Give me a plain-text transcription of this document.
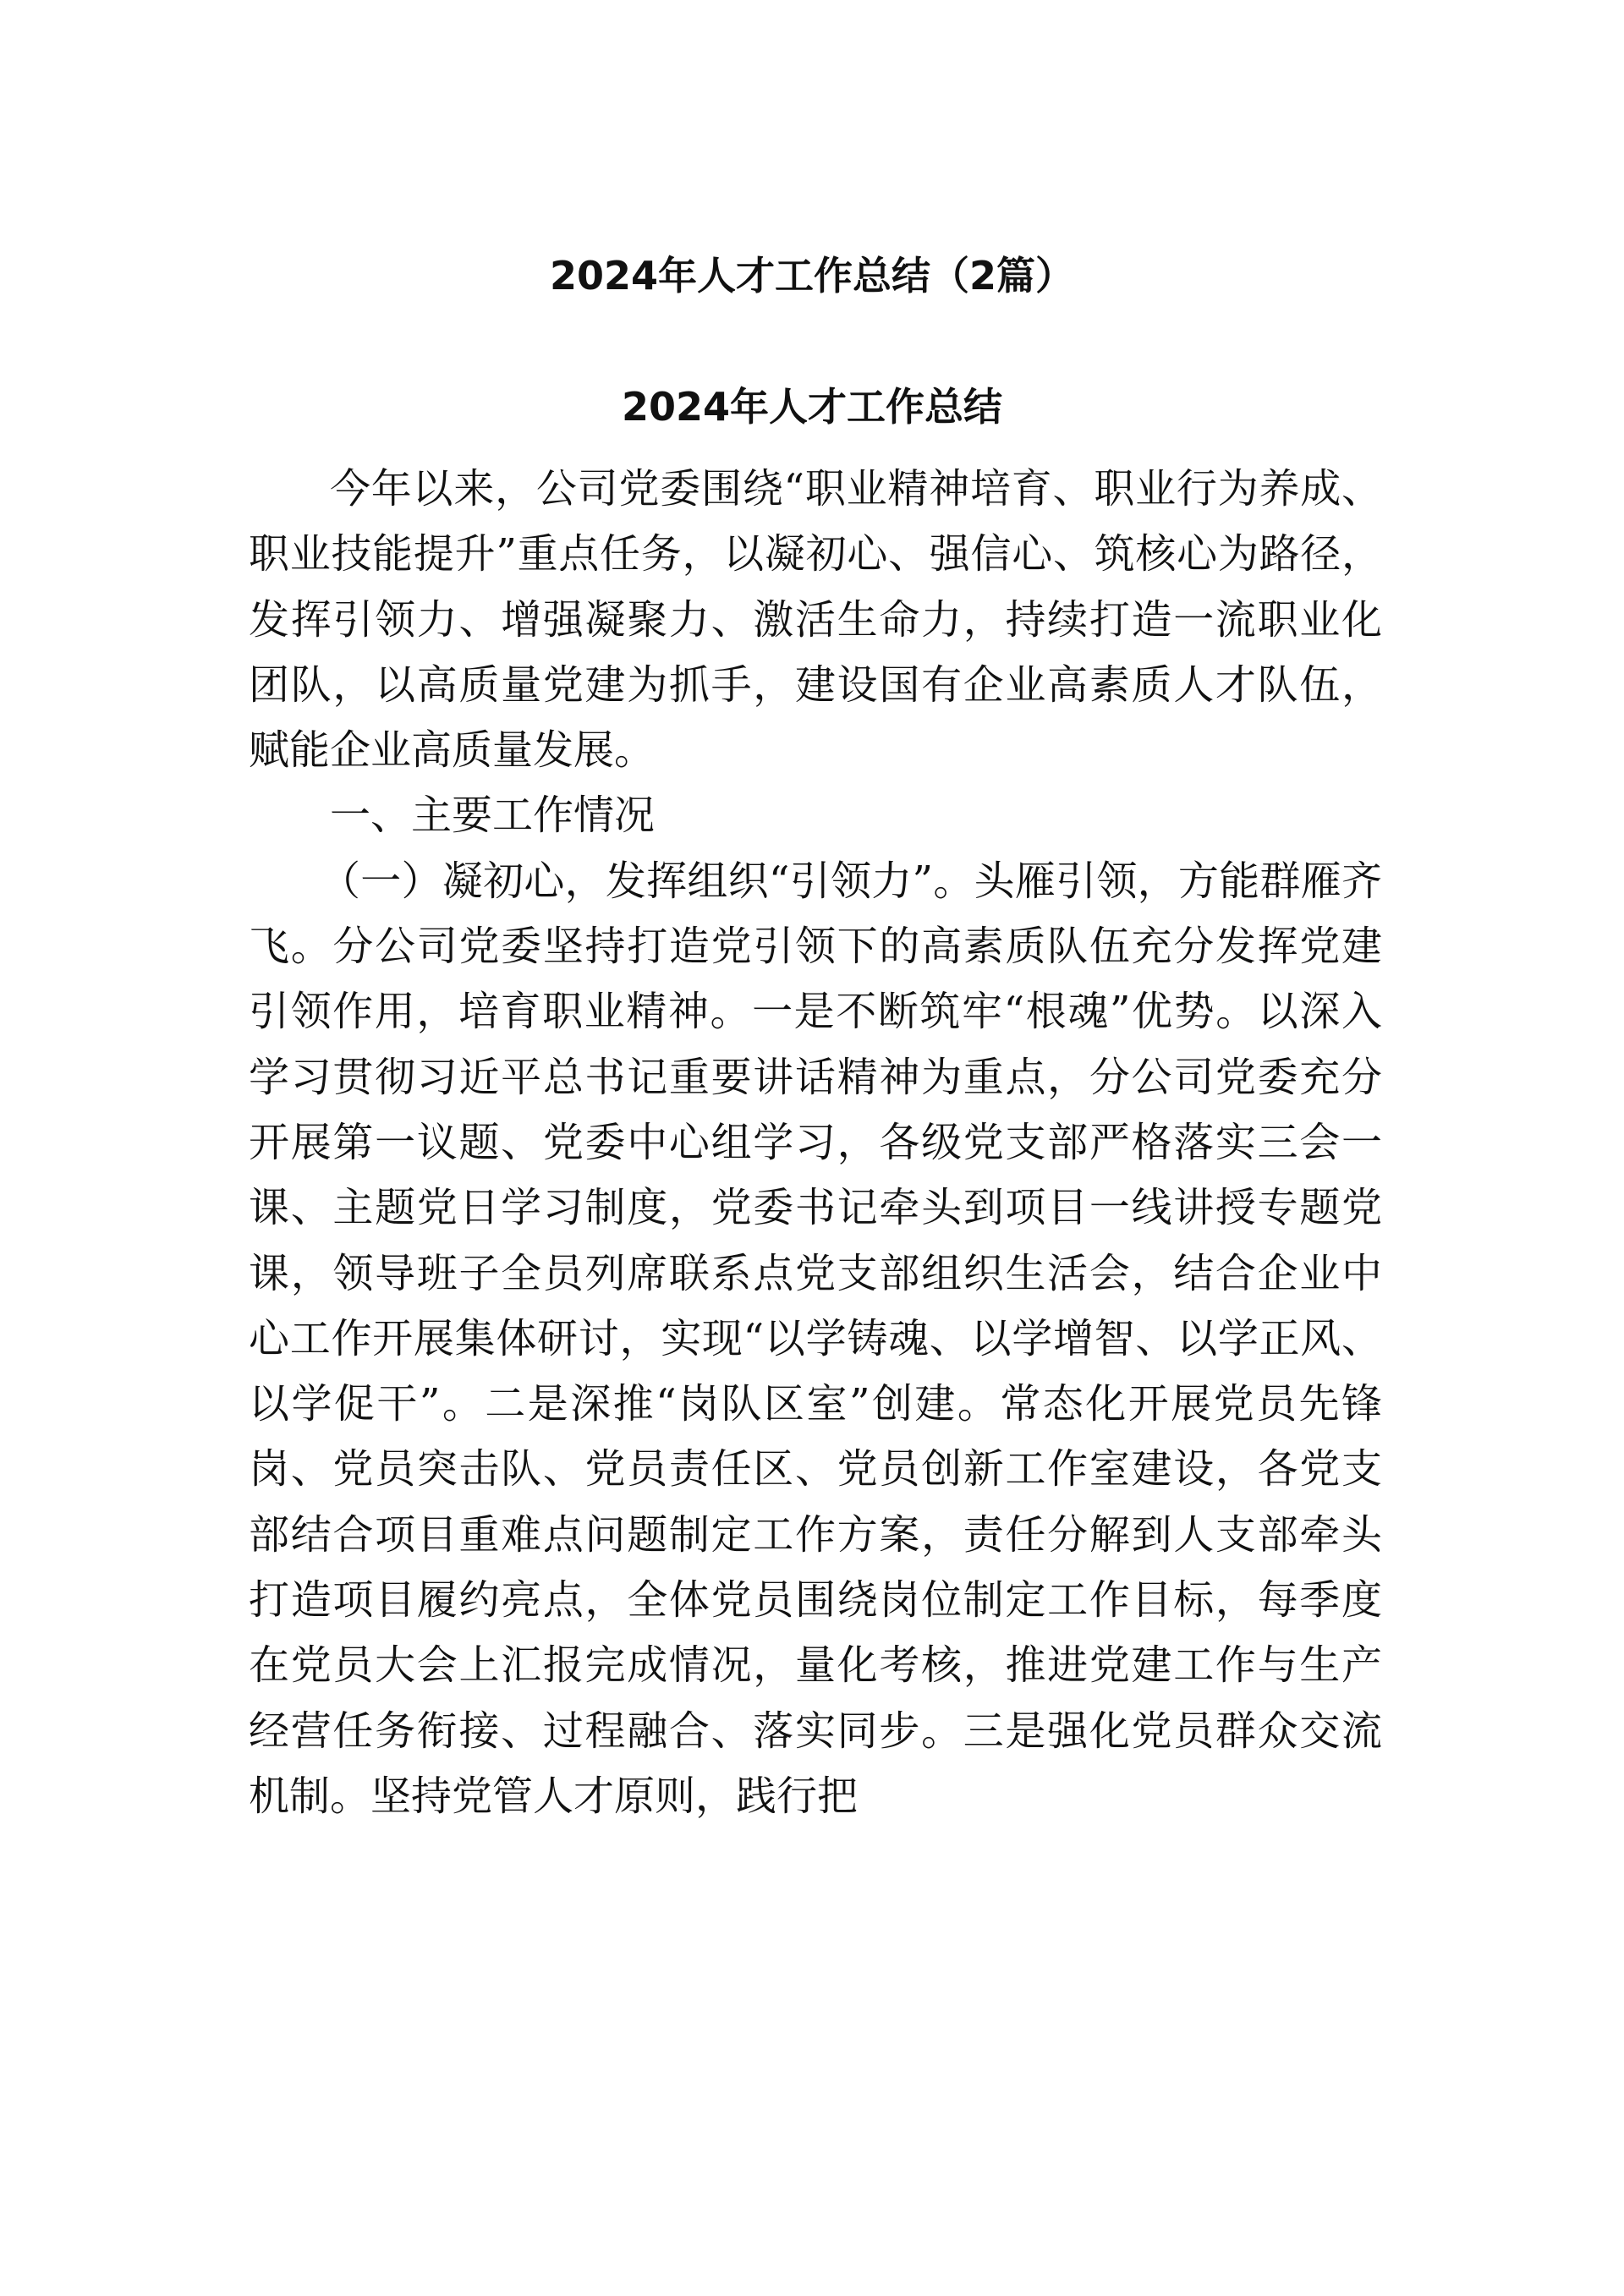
2024年人才工作总结（2篇）
2024年人才工作总结

今年以来，公司党委围绕“职业精神培育、职业行为养成、职业技能提升”重点任务，以凝初心、强信心、筑核心为路径，发挥引领力、增强凝聚力、激活生命力，持续打造一流职业化团队，以高质量党建为抓手，建设国有企业高素质人才队伍，赋能企业高质量发展。

一、主要工作情况

（一）凝初心，发挥组织“引领力”。头雁引领，方能群雁齐飞。分公司党委坚持打造党引领下的高素质队伍充分发挥党建引领作用，培育职业精神。一是不断筑牢“根魂”优势。以深入学习贯彻习近平总书记重要讲话精神为重点，分公司党委充分开展第一议题、党委中心组学习，各级党支部严格落实三会一课、主题党日学习制度，党委书记牵头到项目一线讲授专题党课，领导班子全员列席联系点党支部组织生活会，结合企业中心工作开展集体研讨，实现“以学铸魂、以学增智、以学正风、以学促干”。二是深推“岗队区室”创建。常态化开展党员先锋岗、党员突击队、党员责任区、党员创新工作室建设，各党支部结合项目重难点问题制定工作方案，责任分解到人支部牵头打造项目履约亮点，全体党员围绕岗位制定工作目标，每季度在党员大会上汇报完成情况，量化考核，推进党建工作与生产经营任务衔接、过程融合、落实同步。三是强化党员群众交流机制。坚持党管人才原则，践行把
